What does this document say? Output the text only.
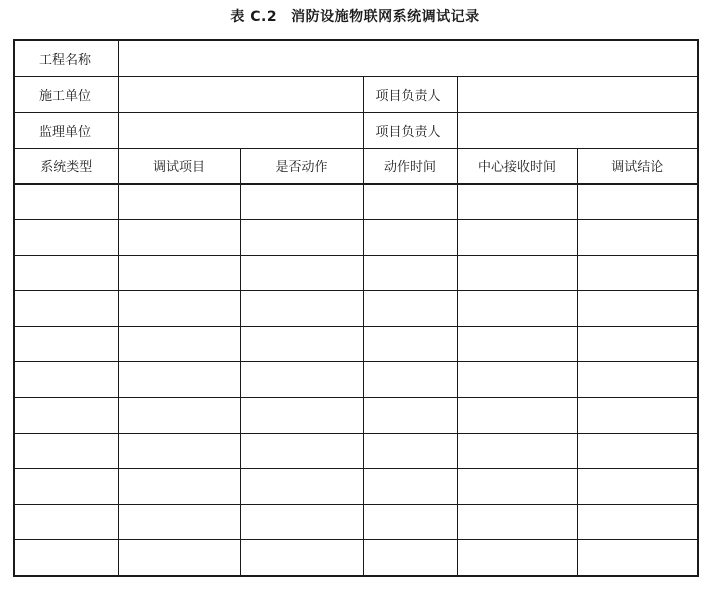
表 C.2 消防设施物联网系统调试记录
工程名称					
施工单位			项目负责人		
监理单位			项目负责人		
系统类型	调试项目	是否动作	动作时间	中心接收时间	调试结论
